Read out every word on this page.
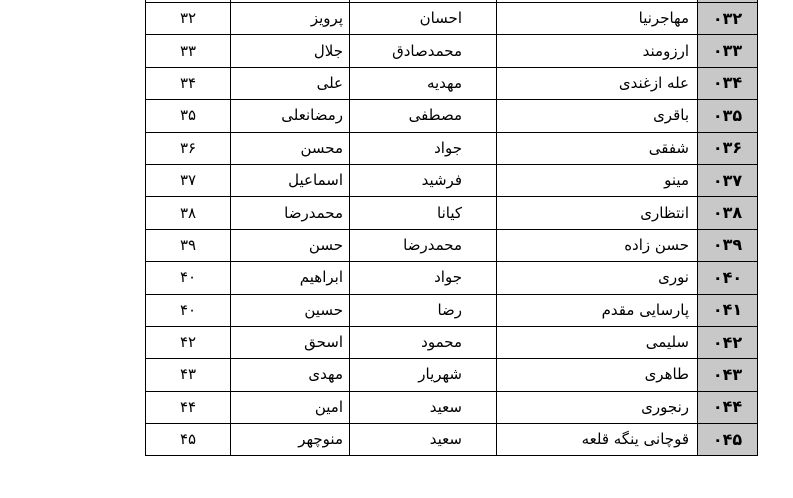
۰۳۲	مهاجرنیا	احسان	پرویز	۳۲
۰۳۳	ارزومند	محمدصادق	جلال	۳۳
۰۳۴	عله ازغندی	مهدیه	علی	۳۴
۰۳۵	باقری	مصطفی	رمضانعلی	۳۵
۰۳۶	شفقی	جواد	محسن	۳۶
۰۳۷	مینو	فرشید	اسماعیل	۳۷
۰۳۸	انتظاری	کیانا	محمدرضا	۳۸
۰۳۹	حسن زاده	محمدرضا	حسن	۳۹
۰۴۰	نوری	جواد	ابراهیم	۴۰
۰۴۱	پارسایی مقدم	رضا	حسین	۴۰
۰۴۲	سلیمی	محمود	اسحق	۴۲
۰۴۳	طاهری	شهریار	مهدی	۴۳
۰۴۴	رنجوری	سعید	امین	۴۴
۰۴۵	قوچانی ینگه قلعه	سعید	منوچهر	۴۵
